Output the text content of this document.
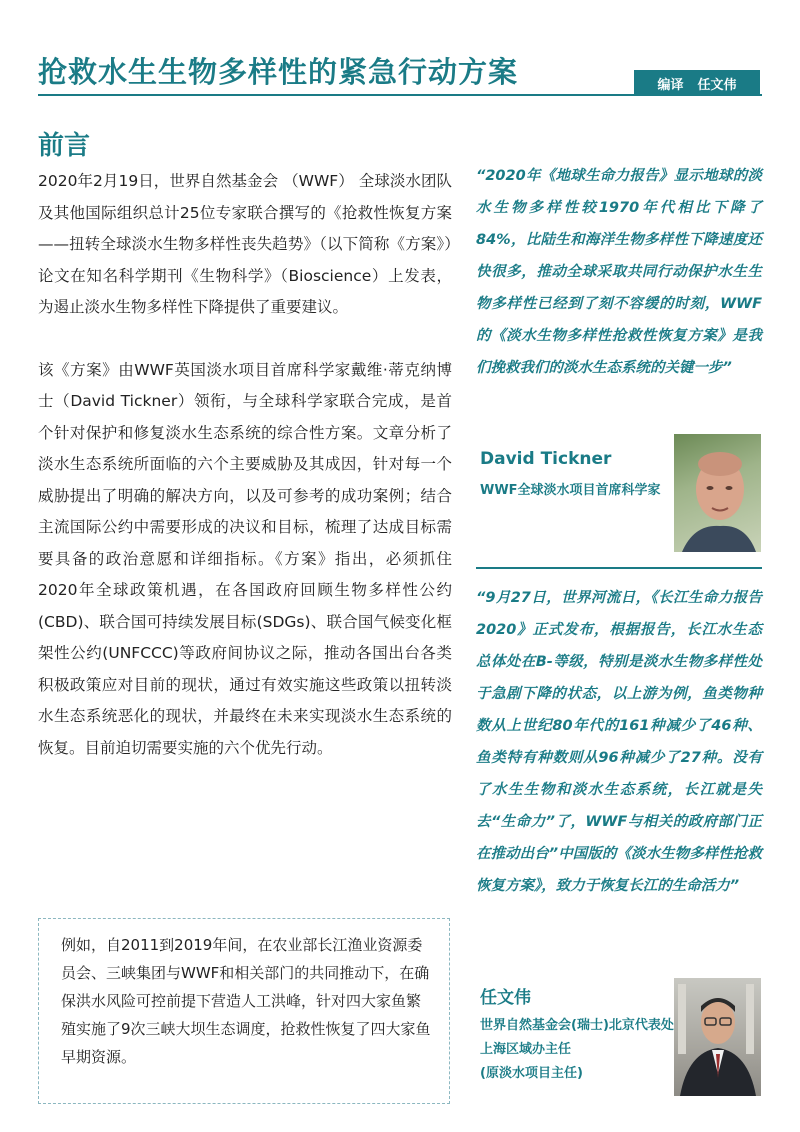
抢救水生生物多样性的紧急行动方案	编译 任文伟
前言

2020年2月19日，世界自然基金会 （WWF） 全球淡水团队及其他国际组织总计25位专家联合撰写的《抢救性恢复方案——扭转全球淡水生物多样性丧失趋势》（以下简称《方案》）论文在知名科学期刊《生物科学》（Bioscience）上发表，为遏止淡水生物多样性下降提供了重要建议。

该《方案》由WWF英国淡水项目首席科学家戴维·蒂克纳博士（David Tickner）领衔，与全球科学家联合完成，是首个针对保护和修复淡水生态系统的综合性方案。文章分析了淡水生态系统所面临的六个主要威胁及其成因，针对每一个威胁提出了明确的解决方向，以及可参考的成功案例；结合主流国际公约中需要形成的决议和目标，梳理了达成目标需要具备的政治意愿和详细指标。《方案》指出，必须抓住2020年全球政策机遇，在各国政府回顾生物多样性公约(CBD)、联合国可持续发展目标(SDGs)、联合国气候变化框架性公约(UNFCCC)等政府间协议之际，推动各国出台各类积极政策应对目前的现状，通过有效实施这些政策以扭转淡水生态系统恶化的现状，并最终在未来实现淡水生态系统的恢复。目前迫切需要实施的六个优先行动。

例如，自2011到2019年间，在农业部长江渔业资源委员会、三峡集团与WWF和相关部门的共同推动下，在确保洪水风险可控前提下营造人工洪峰，针对四大家鱼繁殖实施了9次三峡大坝生态调度，抢救性恢复了四大家鱼早期资源。
“2020年《地球生命力报告》显示地球的淡水生物多样性较1970年代相比下降了84%，比陆生和海洋生物多样性下降速度还快很多，推动全球采取共同行动保护水生生物多样性已经到了刻不容缓的时刻，WWF的《淡水生物多样性抢救性恢复方案》是我们挽救我们的淡水生态系统的关键一步”
David Tickner
WWF全球淡水项目首席科学家
“9月27日，世界河流日，《长江生命力报告2020》正式发布，根据报告，长江水生态总体处在B-等级，特别是淡水生物多样性处于急剧下降的状态，以上游为例，鱼类物种数从上世纪80年代的161种减少了46种、鱼类特有种数则从96种减少了27种。没有了水生生物和淡水生态系统，长江就是失去“生命力”了，WWF与相关的政府部门正在推动出台”中国版的《淡水生物多样性抢救恢复方案》，致力于恢复长江的生命活力”
任文伟
世界自然基金会(瑞士)北京代表处
上海区域办主任
(原淡水项目主任)
